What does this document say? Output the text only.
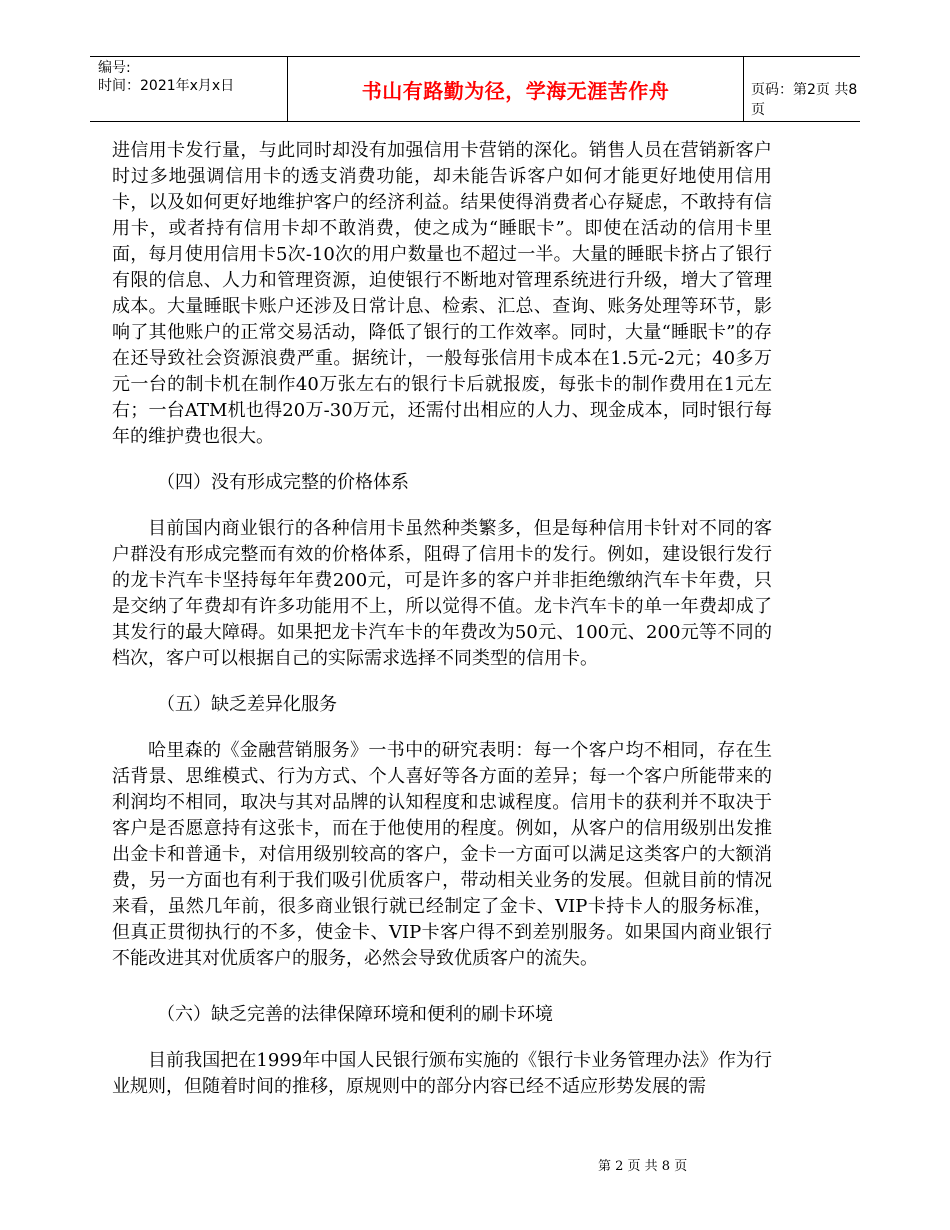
编号:
时间：2021年x月x日	书山有路勤为径，学海无涯苦作舟	页码：第2页 共8页

进信用卡发行量，与此同时却没有加强信用卡营销的深化。销售人员在营销新客户时过多地强调信用卡的透支消费功能，却未能告诉客户如何才能更好地使用信用卡，以及如何更好地维护客户的经济利益。结果使得消费者心存疑虑，不敢持有信用卡，或者持有信用卡却不敢消费，使之成为“睡眠卡”。即使在活动的信用卡里面，每月使用信用卡5次-10次的用户数量也不超过一半。大量的睡眠卡挤占了银行有限的信息、人力和管理资源，迫使银行不断地对管理系统进行升级，增大了管理成本。大量睡眠卡账户还涉及日常计息、检索、汇总、查询、账务处理等环节，影响了其他账户的正常交易活动，降低了银行的工作效率。同时，大量“睡眠卡”的存在还导致社会资源浪费严重。据统计，一般每张信用卡成本在1.5元-2元；40多万元一台的制卡机在制作40万张左右的银行卡后就报废，每张卡的制作费用在1元左右；一台ATM机也得20万-30万元，还需付出相应的人力、现金成本，同时银行每年的维护费也很大。

（四）没有形成完整的价格体系

目前国内商业银行的各种信用卡虽然种类繁多，但是每种信用卡针对不同的客户群没有形成完整而有效的价格体系，阻碍了信用卡的发行。例如，建设银行发行的龙卡汽车卡坚持每年年费200元，可是许多的客户并非拒绝缴纳汽车卡年费，只是交纳了年费却有许多功能用不上，所以觉得不值。龙卡汽车卡的单一年费却成了其发行的最大障碍。如果把龙卡汽车卡的年费改为50元、100元、200元等不同的档次，客户可以根据自己的实际需求选择不同类型的信用卡。

（五）缺乏差异化服务

哈里森的《金融营销服务》一书中的研究表明：每一个客户均不相同，存在生活背景、思维模式、行为方式、个人喜好等各方面的差异；每一个客户所能带来的利润均不相同，取决与其对品牌的认知程度和忠诚程度。信用卡的获利并不取决于客户是否愿意持有这张卡，而在于他使用的程度。例如，从客户的信用级别出发推出金卡和普通卡，对信用级别较高的客户，金卡一方面可以满足这类客户的大额消费，另一方面也有利于我们吸引优质客户，带动相关业务的发展。但就目前的情况来看，虽然几年前，很多商业银行就已经制定了金卡、VIP卡持卡人的服务标准，但真正贯彻执行的不多，使金卡、VIP卡客户得不到差别服务。如果国内商业银行不能改进其对优质客户的服务，必然会导致优质客户的流失。

（六）缺乏完善的法律保障环境和便利的刷卡环境

目前我国把在1999年中国人民银行颁布实施的《银行卡业务管理办法》作为行业规则，但随着时间的推移，原规则中的部分内容已经不适应形势发展的需

第 2 页 共 8 页
